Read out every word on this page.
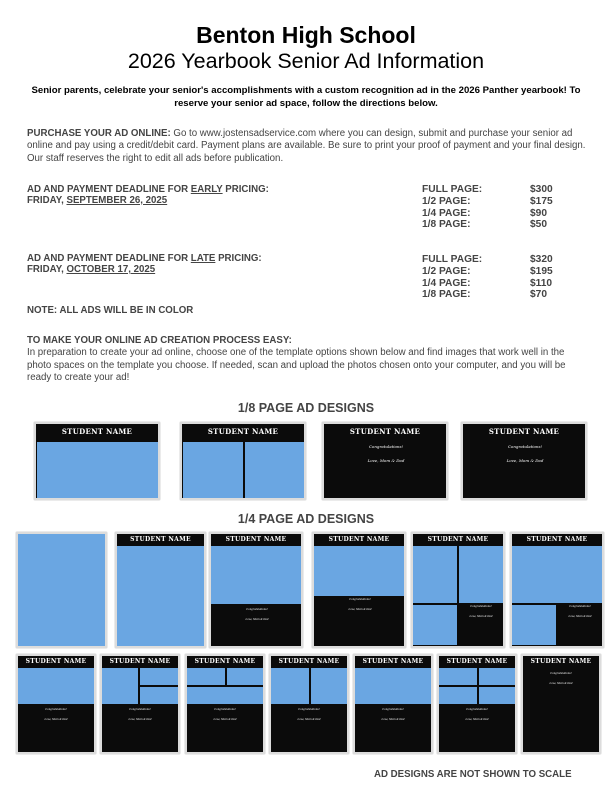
Benton High School
2026 Yearbook Senior Ad Information
Senior parents, celebrate your senior's accomplishments with a custom recognition ad in the 2026 Panther yearbook! To reserve your senior ad space, follow the directions below.
PURCHASE YOUR AD ONLINE: Go to www.jostensadservice.com where you can design, submit and purchase your senior ad online and pay using a credit/debit card. Payment plans are available. Be sure to print your proof of payment and your final design. Our staff reserves the right to edit all ads before publication.
AD AND PAYMENT DEADLINE FOR EARLY PRICING:
FRIDAY, SEPTEMBER 26, 2025
FULL PAGE:	$300
1/2 PAGE:	$175
1/4 PAGE:	$90
1/8 PAGE:	$50
AD AND PAYMENT DEADLINE FOR LATE PRICING:
FRIDAY, OCTOBER 17, 2025
FULL PAGE:	$320
1/2 PAGE:	$195
1/4 PAGE:	$110
1/8 PAGE:	$70
NOTE: ALL ADS WILL BE IN COLOR
TO MAKE YOUR ONLINE AD CREATION PROCESS EASY:
In preparation to create your ad online, choose one of the template options shown below and find images that work well in the photo spaces on the template you choose. If needed, scan and upload the photos chosen onto your computer, and you will be ready to create your ad!
1/8 PAGE AD DESIGNS
STUDENT NAME	STUDENT NAME	STUDENT NAME
Congratulations!
Love, Mom & Dad
STUDENT NAME
Congratulations!
Love, Mom & Dad
1/4 PAGE AD DESIGNS
STUDENT NAME	STUDENT NAME
Congratulations!
Love, Mom & Dad
STUDENT NAME
Congratulations!
Love, Mom & Dad
STUDENT NAME
Congratulations!
Love, Mom & Dad
STUDENT NAME
Congratulations!
Love, Mom & Dad
STUDENT NAME
Congratulations!
Love, Mom & Dad
STUDENT NAME
Congratulations!
Love, Mom & Dad
STUDENT NAME
Congratulations!
Love, Mom & Dad
STUDENT NAME
Congratulations!
Love, Mom & Dad
STUDENT NAME
Congratulations!
Love, Mom & Dad
STUDENT NAME
Congratulations!
Love, Mom & Dad
STUDENT NAME
Congratulations!
Love, Mom & Dad
AD DESIGNS ARE NOT SHOWN TO SCALE
